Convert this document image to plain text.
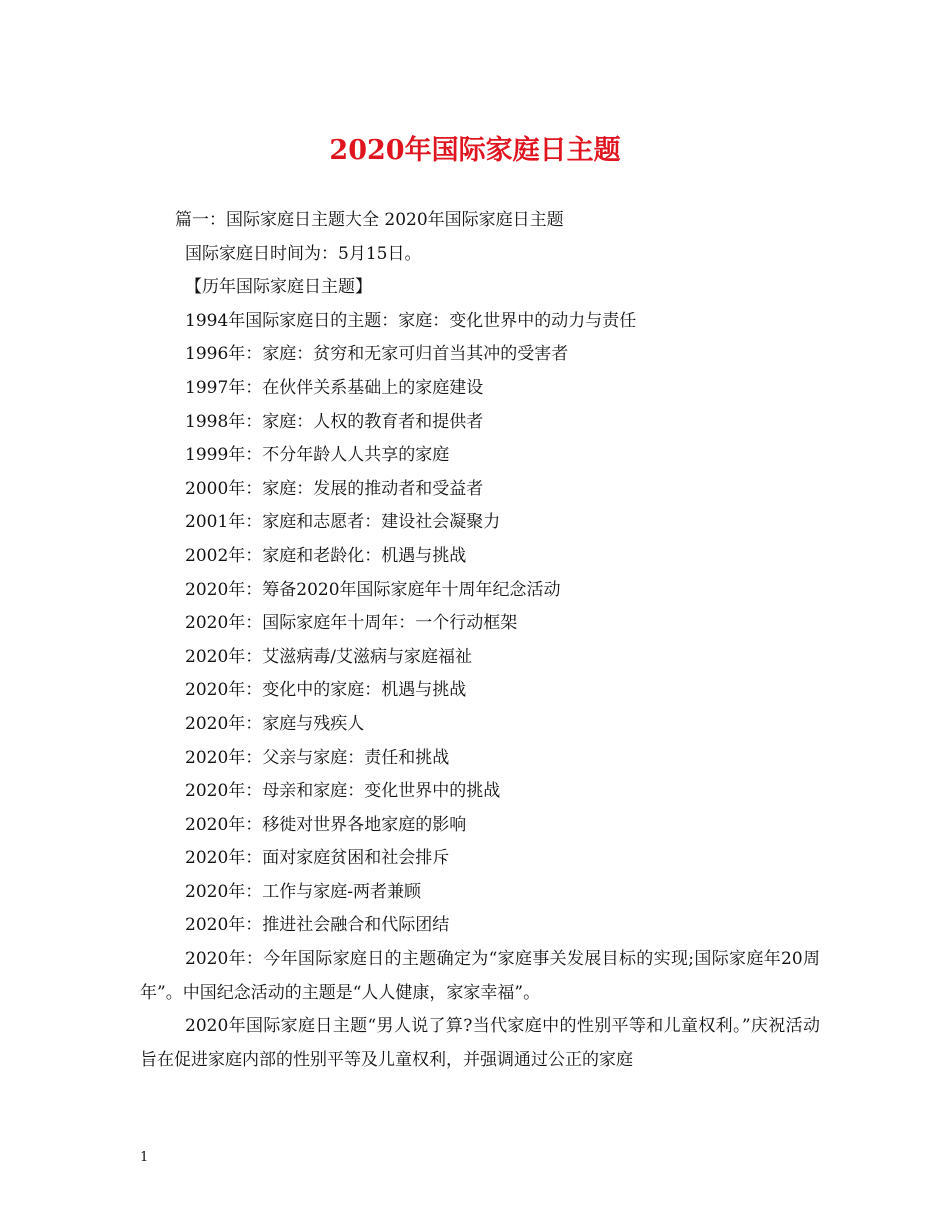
2020年国际家庭日主题

篇一：国际家庭日主题大全 2020年国际家庭日主题

国际家庭日时间为：5月15日。

【历年国际家庭日主题】

1994年国际家庭日的主题：家庭：变化世界中的动力与责任

1996年：家庭：贫穷和无家可归首当其冲的受害者

1997年：在伙伴关系基础上的家庭建设

1998年：家庭：人权的教育者和提供者

1999年：不分年龄人人共享的家庭

2000年：家庭：发展的推动者和受益者

2001年：家庭和志愿者：建设社会凝聚力

2002年：家庭和老龄化：机遇与挑战

2020年：筹备2020年国际家庭年十周年纪念活动

2020年：国际家庭年十周年：一个行动框架

2020年：艾滋病毒/艾滋病与家庭福祉

2020年：变化中的家庭：机遇与挑战

2020年：家庭与残疾人

2020年：父亲与家庭：责任和挑战

2020年：母亲和家庭：变化世界中的挑战

2020年：移徙对世界各地家庭的影响

2020年：面对家庭贫困和社会排斥

2020年：工作与家庭-两者兼顾

2020年：推进社会融合和代际团结

2020年：今年国际家庭日的主题确定为“家庭事关发展目标的实现;国际家庭年20周年”。中国纪念活动的主题是“人人健康，家家幸福”。

2020年国际家庭日主题“男人说了算?当代家庭中的性别平等和儿童权利。”庆祝活动旨在促进家庭内部的性别平等及儿童权利，并强调通过公正的家庭

1
